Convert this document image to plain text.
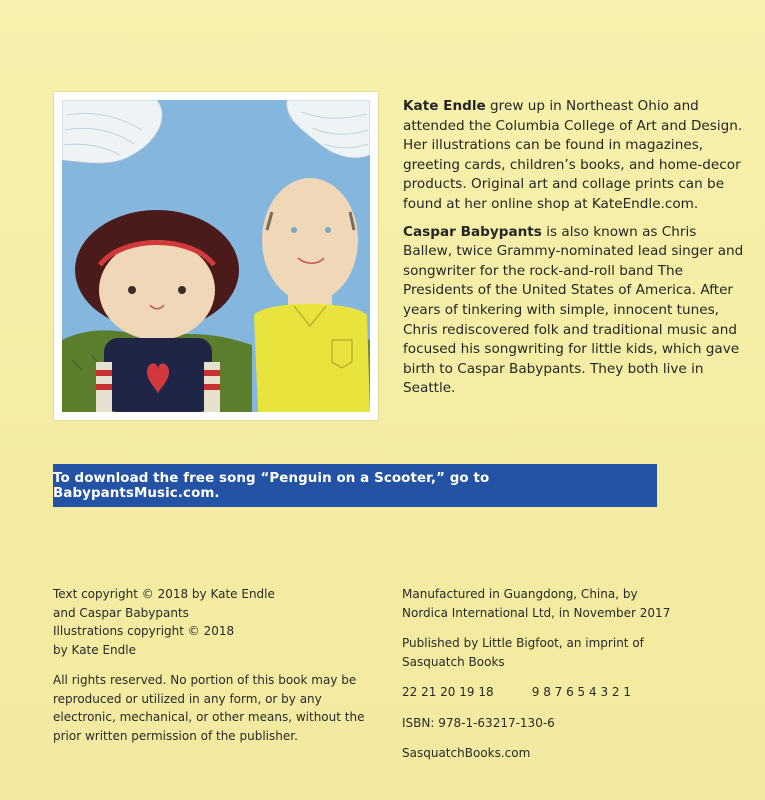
Kate Endle grew up in Northeast Ohio and attended the Columbia College of Art and Design. Her illustrations can be found in magazines, greeting cards, children’s books, and home-decor products. Original art and collage prints can be found at her online shop at KateEndle.com.

Caspar Babypants is also known as Chris Ballew, twice Grammy-nominated lead singer and songwriter for the rock-and-roll band The Presidents of the United States of America. After years of tinkering with simple, innocent tunes, Chris rediscovered folk and traditional music and focused his songwriting for little kids, which gave birth to Caspar Babypants. They both live in Seattle.

To download the free song “Penguin on a Scooter,” go to BabypantsMusic.com.

Text copyright © 2018 by Kate Endle
and Caspar Babypants
Illustrations copyright © 2018
by Kate Endle

All rights reserved. No portion of this book may be reproduced or utilized in any form, or by any electronic, mechanical, or other means, without the prior written permission of the publisher.

Manufactured in Guangdong, China, by
Nordica International Ltd, in November 2017

Published by Little Bigfoot, an imprint of
Sasquatch Books

22 21 20 19 18          9 8 7 6 5 4 3 2 1

ISBN: 978-1-63217-130-6

SasquatchBooks.com
